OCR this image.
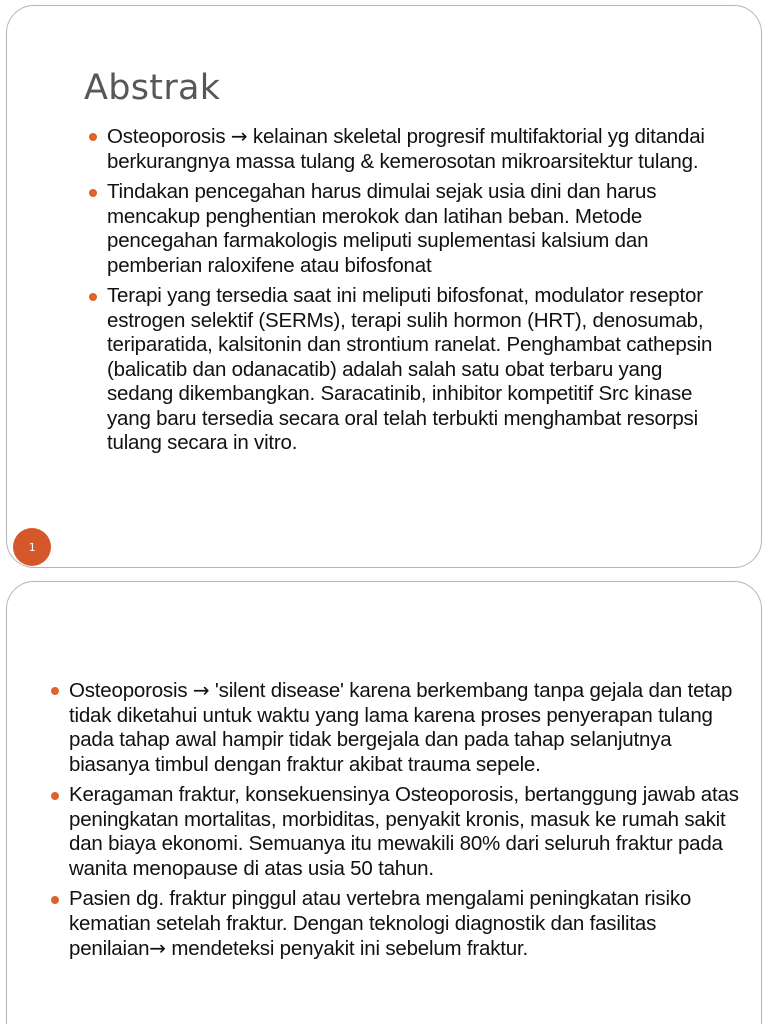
Abstrak
Osteoporosis → kelainan skeletal progresif multifaktorial yg ditandai berkurangnya massa tulang & kemerosotan mikroarsitektur tulang.
Tindakan pencegahan harus dimulai sejak usia dini dan harus mencakup penghentian merokok dan latihan beban. Metode pencegahan farmakologis meliputi suplementasi kalsium dan pemberian raloxifene atau bifosfonat
Terapi yang tersedia saat ini meliputi bifosfonat, modulator reseptor estrogen selektif (SERMs), terapi sulih hormon (HRT), denosumab, teriparatida, kalsitonin dan strontium ranelat. Penghambat cathepsin (balicatib dan odanacatib) adalah salah satu obat terbaru yang sedang dikembangkan. Saracatinib, inhibitor kompetitif Src kinase yang baru tersedia secara oral telah terbukti menghambat resorpsi tulang secara in vitro.
1
Osteoporosis → 'silent disease' karena berkembang tanpa gejala dan tetap tidak diketahui untuk waktu yang lama karena proses penyerapan tulang pada tahap awal hampir tidak bergejala dan pada tahap selanjutnya biasanya timbul dengan fraktur akibat trauma sepele.
Keragaman fraktur, konsekuensinya Osteoporosis, bertanggung jawab atas peningkatan mortalitas, morbiditas, penyakit kronis, masuk ke rumah sakit dan biaya ekonomi. Semuanya itu mewakili 80% dari seluruh fraktur pada wanita menopause di atas usia 50 tahun.
Pasien dg. fraktur pinggul atau vertebra mengalami peningkatan risiko kematian setelah fraktur. Dengan teknologi diagnostik dan fasilitas penilaian→ mendeteksi penyakit ini sebelum fraktur.
